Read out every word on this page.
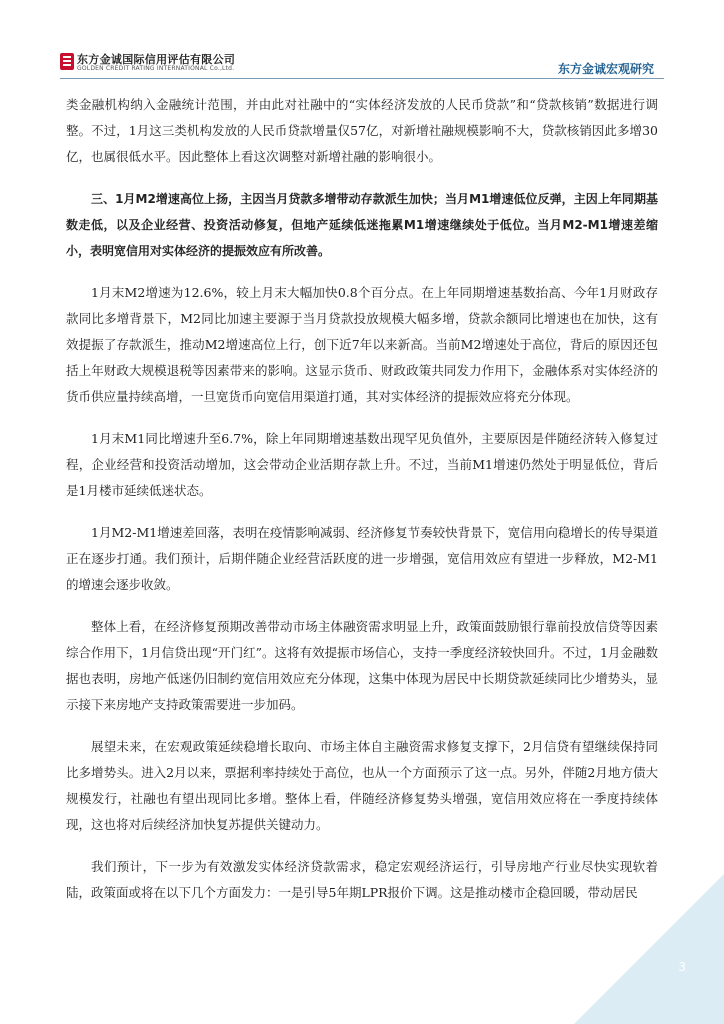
东方金诚国际信用评估有限公司
GOLDEN CREDIT RATING INTERNATIONAL Co.,Ltd.	东方金诚宏观研究

类金融机构纳入金融统计范围，并由此对社融中的“实体经济发放的人民币贷款”和“贷款核销”数据进行调整。不过，1月这三类机构发放的人民币贷款增量仅57亿，对新增社融规模影响不大，贷款核销因此多增30亿，也属很低水平。因此整体上看这次调整对新增社融的影响很小。

三、1月M2增速高位上扬，主因当月贷款多增带动存款派生加快；当月M1增速低位反弹，主因上年同期基数走低，以及企业经营、投资活动修复，但地产延续低迷拖累M1增速继续处于低位。当月M2-M1增速差缩小，表明宽信用对实体经济的提振效应有所改善。

1月末M2增速为12.6%，较上月末大幅加快0.8个百分点。在上年同期增速基数抬高、今年1月财政存款同比多增背景下，M2同比加速主要源于当月贷款投放规模大幅多增，贷款余额同比增速也在加快，这有效提振了存款派生，推动M2增速高位上行，创下近7年以来新高。当前M2增速处于高位，背后的原因还包括上年财政大规模退税等因素带来的影响。这显示货币、财政政策共同发力作用下，金融体系对实体经济的货币供应量持续高增，一旦宽货币向宽信用渠道打通，其对实体经济的提振效应将充分体现。

1月末M1同比增速升至6.7%，除上年同期增速基数出现罕见负值外，主要原因是伴随经济转入修复过程，企业经营和投资活动增加，这会带动企业活期存款上升。不过，当前M1增速仍然处于明显低位，背后是1月楼市延续低迷状态。

1月M2-M1增速差回落，表明在疫情影响减弱、经济修复节奏较快背景下，宽信用向稳增长的传导渠道正在逐步打通。我们预计，后期伴随企业经营活跃度的进一步增强，宽信用效应有望进一步释放，M2-M1的增速会逐步收敛。

整体上看，在经济修复预期改善带动市场主体融资需求明显上升，政策面鼓励银行靠前投放信贷等因素综合作用下，1月信贷出现“开门红”。这将有效提振市场信心，支持一季度经济较快回升。不过，1月金融数据也表明，房地产低迷仍旧制约宽信用效应充分体现，这集中体现为居民中长期贷款延续同比少增势头，显示接下来房地产支持政策需要进一步加码。

展望未来，在宏观政策延续稳增长取向、市场主体自主融资需求修复支撑下，2月信贷有望继续保持同比多增势头。进入2月以来，票据利率持续处于高位，也从一个方面预示了这一点。另外，伴随2月地方债大规模发行，社融也有望出现同比多增。整体上看，伴随经济修复势头增强，宽信用效应将在一季度持续体现，这也将对后续经济加快复苏提供关键动力。

我们预计，下一步为有效激发实体经济贷款需求，稳定宏观经济运行，引导房地产行业尽快实现软着陆，政策面或将在以下几个方面发力：一是引导5年期LPR报价下调。这是推动楼市企稳回暖，带动居民

3
